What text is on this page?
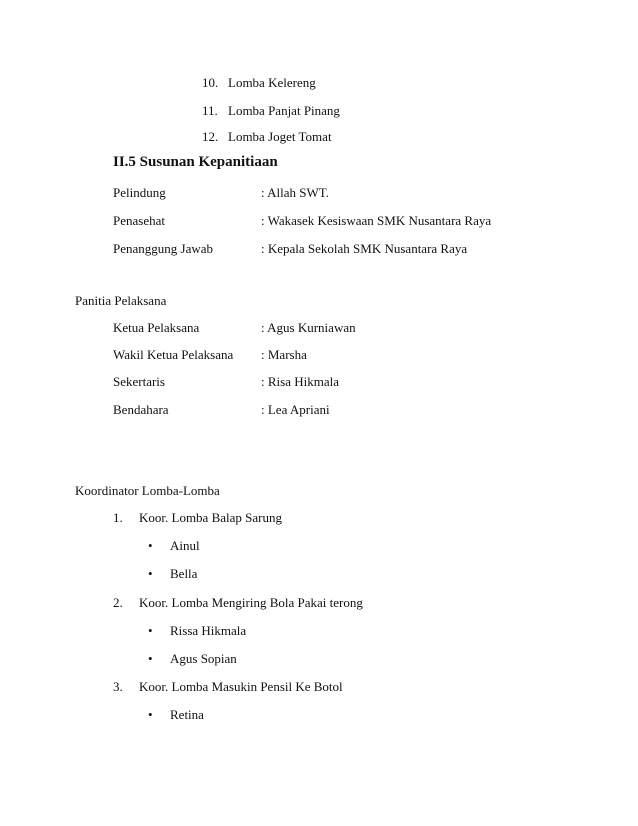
10. Lomba Kelereng
11. Lomba Panjat Pinang
12. Lomba Joget Tomat
II.5 Susunan Kepanitiaan
Pelindung	: Allah SWT.
Penasehat	: Wakasek Kesiswaan SMK Nusantara Raya
Penanggung Jawab	: Kepala Sekolah SMK Nusantara Raya
Panitia Pelaksana
Ketua Pelaksana	: Agus Kurniawan
Wakil Ketua Pelaksana : Marsha
Sekertaris	: Risa Hikmala
Bendahara	: Lea Apriani
Koordinator Lomba-Lomba
1. Koor. Lomba Balap Sarung
• Ainul
• Bella
2. Koor. Lomba Mengiring Bola Pakai terong
• Rissa Hikmala
• Agus Sopian
3. Koor. Lomba Masukin Pensil Ke Botol
• Retina
